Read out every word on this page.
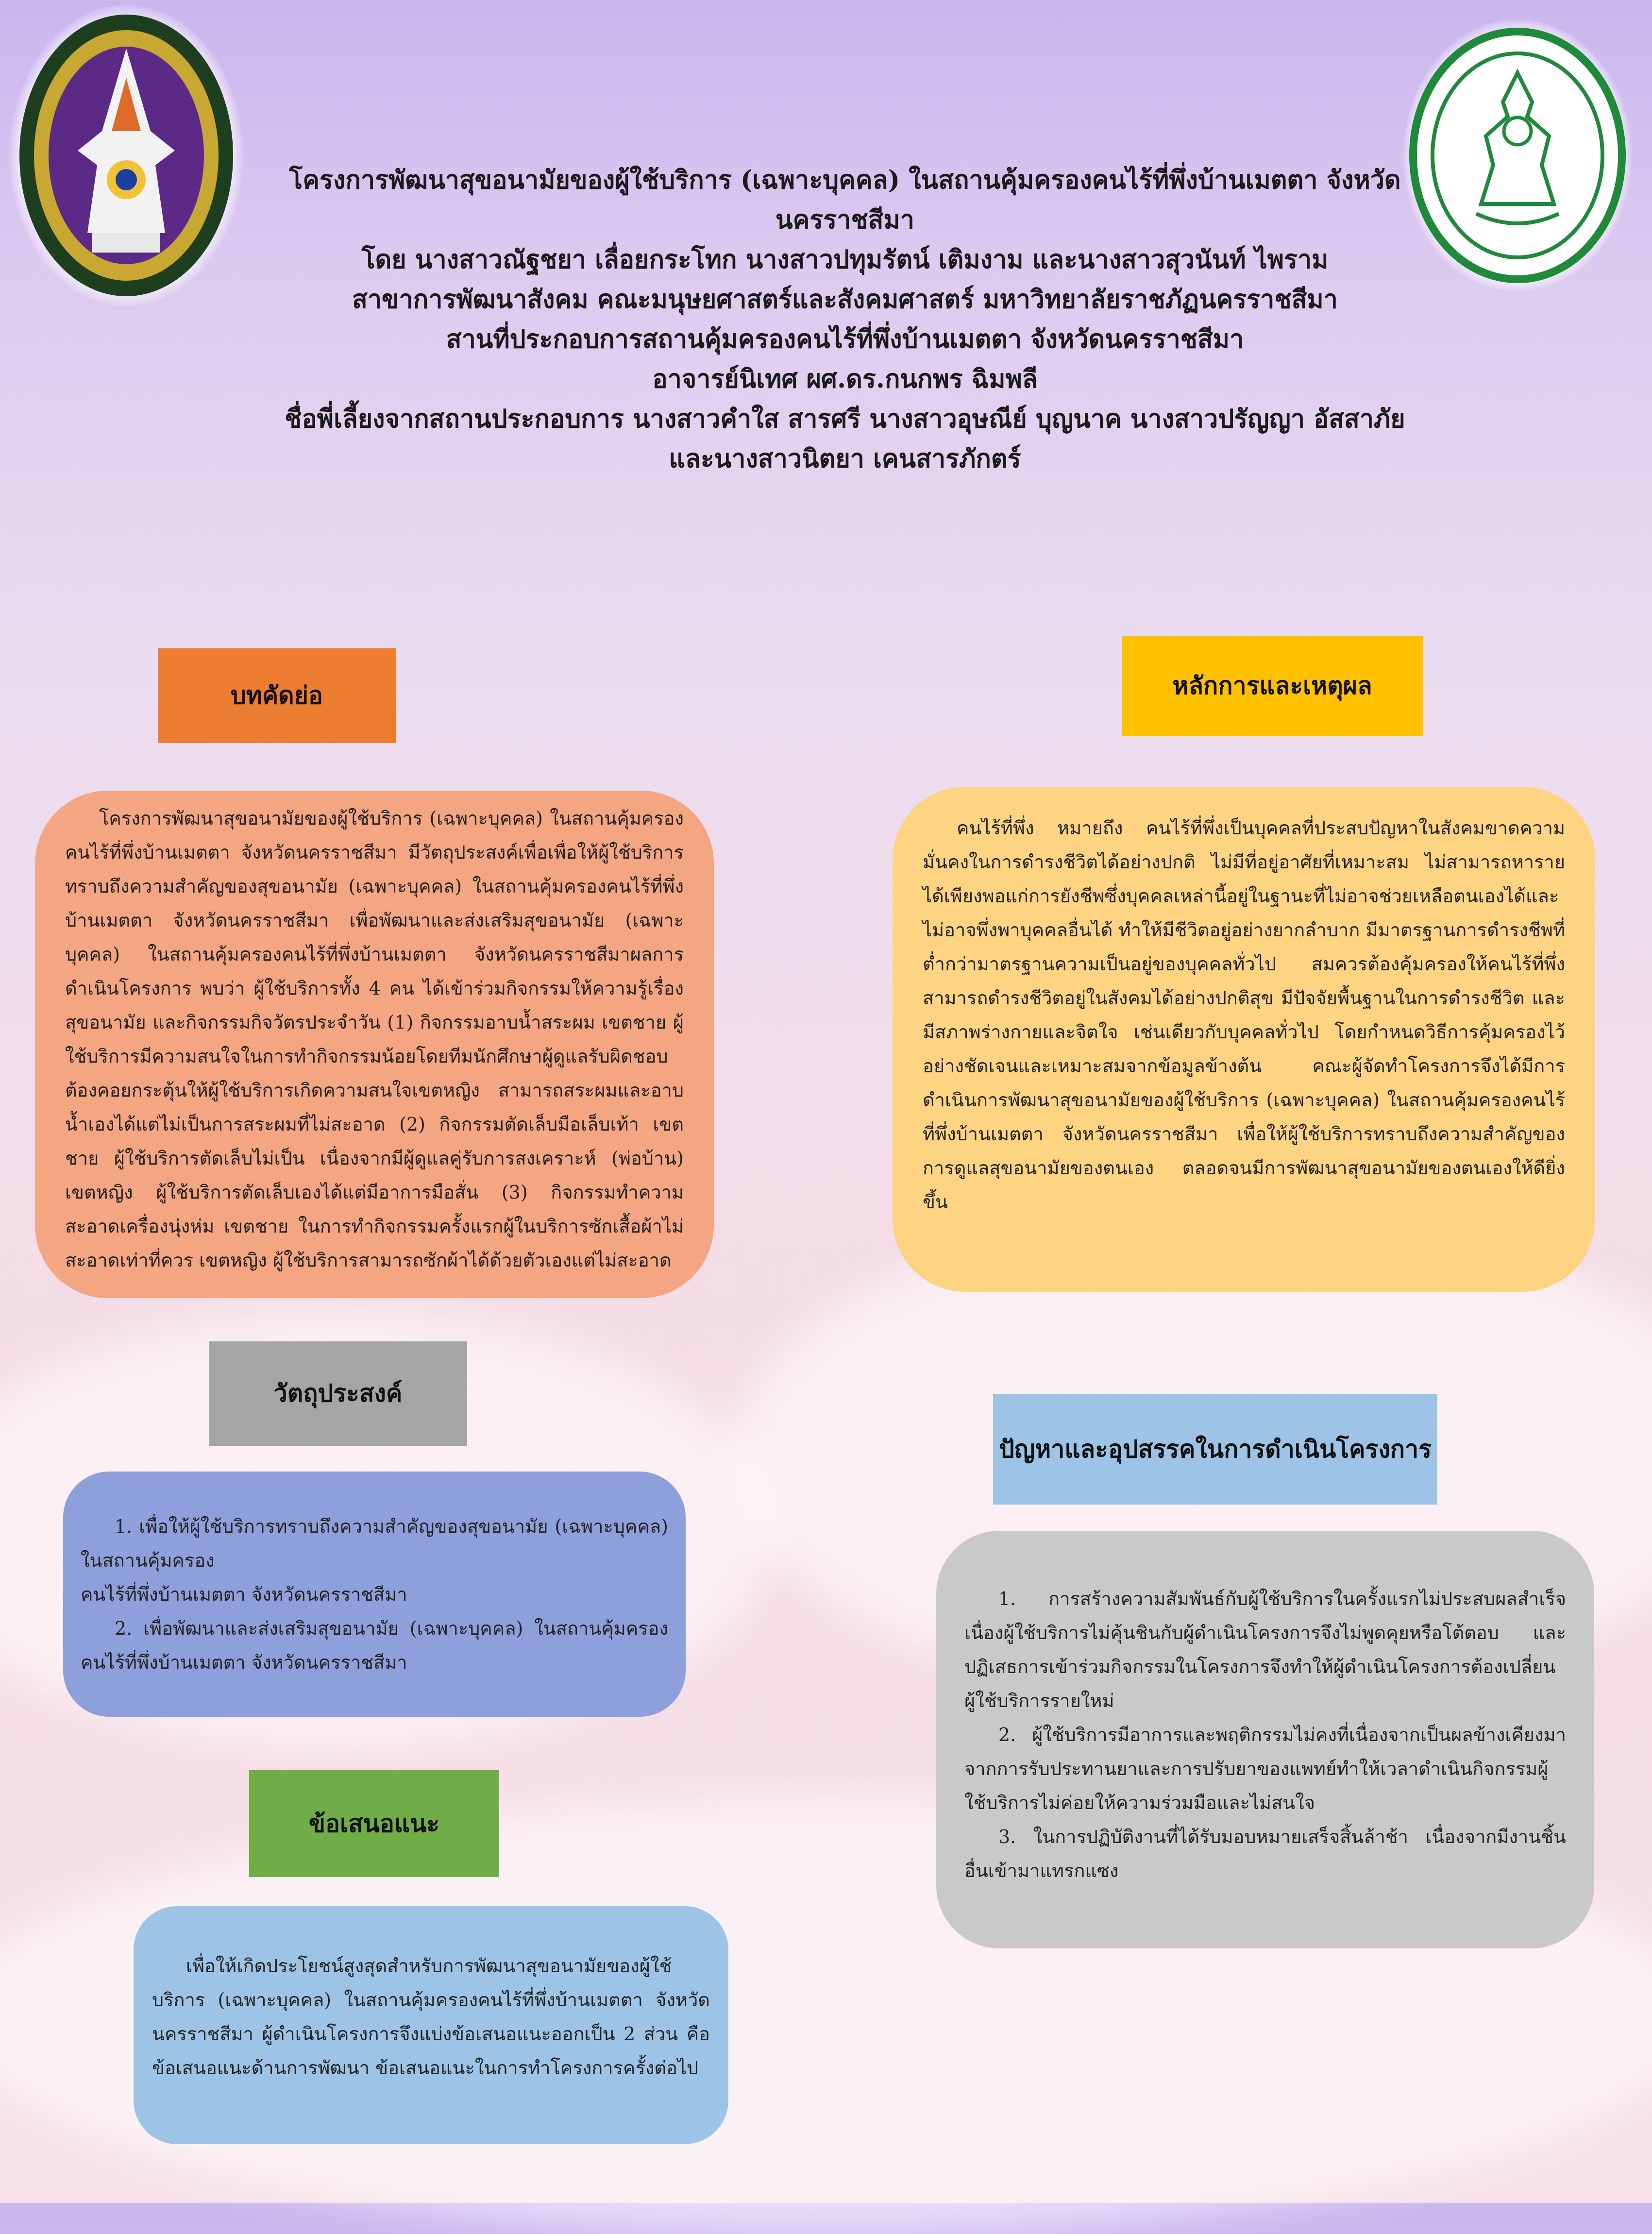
โครงการพัฒนาสุขอนามัยของผู้ใช้บริการ (เฉพาะบุคคล) ในสถานคุ้มครองคนไร้ที่พึ่งบ้านเมตตา จังหวัด
นครราชสีมา
โดย นางสาวณัฐชยา เลื่อยกระโทก นางสาวปทุมรัตน์ เติมงาม และนางสาวสุวนันท์ ไพราม
สาขาการพัฒนาสังคม คณะมนุษยศาสตร์และสังคมศาสตร์ มหาวิทยาลัยราชภัฏนครราชสีมา
สานที่ประกอบการสถานคุ้มครองคนไร้ที่พึ่งบ้านเมตตา จังหวัดนครราชสีมา
อาจารย์นิเทศ ผศ.ดร.กนกพร ฉิมพลี
ชื่อพี่เลี้ยงจากสถานประกอบการ นางสาวคำใส สารศรี นางสาวอุษณีย์ บุญนาค นางสาวปรัญญา อัสสาภัย
และนางสาวนิตยา เคนสารภักตร์
บทคัดย่อ

โครงการพัฒนาสุขอนามัยของผู้ใช้บริการ (เฉพาะบุคคล) ในสถานคุ้มครองคนไร้ที่พึ่งบ้านเมตตา จังหวัดนครราชสีมา มีวัตถุประสงค์เพื่อเพื่อให้ผู้ใช้บริการทราบถึงความสำคัญของสุขอนามัย (เฉพาะบุคคล) ในสถานคุ้มครองคนไร้ที่พึ่งบ้านเมตตา จังหวัดนครราชสีมา เพื่อพัฒนาและส่งเสริมสุขอนามัย (เฉพาะบุคคล) ในสถานคุ้มครองคนไร้ที่พึ่งบ้านเมตตา จังหวัดนครราชสีมาผลการดำเนินโครงการ พบว่า ผู้ใช้บริการทั้ง 4 คน ได้เข้าร่วมกิจกรรมให้ความรู้เรื่องสุขอนามัย และกิจกรรมกิจวัตรประจำวัน (1) กิจกรรมอาบน้ำสระผม เขตชาย ผู้ใช้บริการมีความสนใจในการทำกิจกรรมน้อยโดยทีมนักศึกษาผู้ดูแลรับผิดชอบต้องคอยกระตุ้นให้ผู้ใช้บริการเกิดความสนใจเขตหญิง สามารถสระผมและอาบน้ำเองได้แต่ไม่เป็นการสระผมที่ไม่สะอาด (2) กิจกรรมตัดเล็บมือเล็บเท้า เขตชาย ผู้ใช้บริการตัดเล็บไม่เป็น เนื่องจากมีผู้ดูแลคู่รับการสงเคราะห์ (พ่อบ้าน) เขตหญิง ผู้ใช้บริการตัดเล็บเองได้แต่มีอาการมือสั่น (3) กิจกรรมทำความสะอาดเครื่องนุ่งห่ม เขตชาย ในการทำกิจกรรมครั้งแรกผู้ในบริการซักเสื้อผ้าไม่สะอาดเท่าที่ควร เขตหญิง ผู้ใช้บริการสามารถซักผ้าได้ด้วยตัวเองแต่ไม่สะอาด

หลักการและเหตุผล

คนไร้ที่พึ่ง หมายถึง คนไร้ที่พึ่งเป็นบุคคลที่ประสบปัญหาในสังคมขาดความมั่นคงในการดำรงชีวิตได้อย่างปกติ ไม่มีที่อยู่อาศัยที่เหมาะสม ไม่สามารถหารายได้เพียงพอแก่การยังชีพซึ่งบุคคลเหล่านี้อยู่ในฐานะที่ไม่อาจช่วยเหลือตนเองได้และไม่อาจพึ่งพาบุคคลอื่นได้ ทำให้มีชีวิตอยู่อย่างยากลำบาก มีมาตรฐานการดำรงชีพที่ต่ำกว่ามาตรฐานความเป็นอยู่ของบุคคลทั่วไป สมควรต้องคุ้มครองให้คนไร้ที่พึ่งสามารถดำรงชีวิตอยู่ในสังคมได้อย่างปกติสุข มีปัจจัยพื้นฐานในการดำรงชีวิต และมีสภาพร่างกายและจิตใจ เช่นเดียวกับบุคคลทั่วไป โดยกำหนดวิธีการคุ้มครองไว้อย่างชัดเจนและเหมาะสมจากข้อมูลข้างต้น คณะผู้จัดทำโครงการจึงได้มีการดำเนินการพัฒนาสุขอนามัยของผู้ใช้บริการ (เฉพาะบุคคล) ในสถานคุ้มครองคนไร้ที่พึ่งบ้านเมตตา จังหวัดนครราชสีมา เพื่อให้ผู้ใช้บริการทราบถึงความสำคัญของการดูแลสุขอนามัยของตนเอง ตลอดจนมีการพัฒนาสุขอนามัยของตนเองให้ดียิ่งขึ้น

วัตถุประสงค์

1. เพื่อให้ผู้ใช้บริการทราบถึงความสำคัญของสุขอนามัย (เฉพาะบุคคล) ในสถานคุ้มครอง

คนไร้ที่พึ่งบ้านเมตตา จังหวัดนครราชสีมา

2. เพื่อพัฒนาและส่งเสริมสุขอนามัย (เฉพาะบุคคล) ในสถานคุ้มครองคนไร้ที่พึ่งบ้านเมตตา จังหวัดนครราชสีมา

ปัญหาและอุปสรรคในการดำเนินโครงการ

1. การสร้างความสัมพันธ์กับผู้ใช้บริการในครั้งแรกไม่ประสบผลสำเร็จ เนื่องผู้ใช้บริการไม่คุ้นชินกับผู้ดำเนินโครงการจึงไม่พูดคุยหรือโต้ตอบ และปฏิเสธการเข้าร่วมกิจกรรมในโครงการจึงทำให้ผู้ดำเนินโครงการต้องเปลี่ยนผู้ใช้บริการรายใหม่

2. ผู้ใช้บริการมีอาการและพฤติกรรมไม่คงที่เนื่องจากเป็นผลข้างเคียงมาจากการรับประทานยาและการปรับยาของแพทย์ทำให้เวลาดำเนินกิจกรรมผู้ใช้บริการไม่ค่อยให้ความร่วมมือและไม่สนใจ

3. ในการปฏิบัติงานที่ได้รับมอบหมายเสร็จสิ้นล้าช้า เนื่องจากมีงานชิ้นอื่นเข้ามาแทรกแซง

ข้อเสนอแนะ

เพื่อให้เกิดประโยชน์สูงสุดสำหรับการพัฒนาสุขอนามัยของผู้ใช้บริการ (เฉพาะบุคคล) ในสถานคุ้มครองคนไร้ที่พึ่งบ้านเมตตา จังหวัดนครราชสีมา ผู้ดำเนินโครงการจึงแบ่งข้อเสนอแนะออกเป็น 2 ส่วน คือ ข้อเสนอแนะด้านการพัฒนา ข้อเสนอแนะในการทำโครงการครั้งต่อไป
